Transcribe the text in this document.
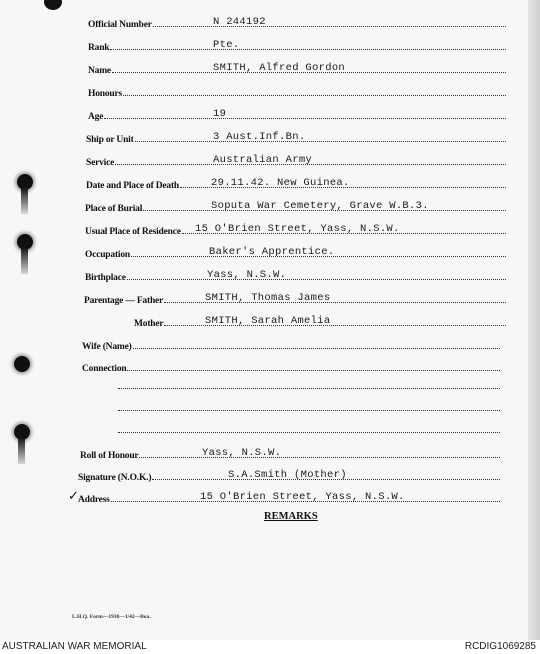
Official Number	N 244192
Rank	Pte.
Name	SMITH, Alfred Gordon
Honours
Age	19
Ship or Unit	3 Aust.Inf.Bn.
Service	Australian Army
Date and Place of Death	29.11.42. New Guinea.
Place of Burial	Soputa War Cemetery, Grave W.B.3.
Usual Place of Residence 15 O'Brien Street, Yass, N.S.W.
Occupation	Baker's Apprentice.
Birthplace	Yass, N.S.W.
Parentage — Father	SMITH, Thomas James
Mother	SMITH, Sarah Amelia
Wife (Name)
Connection
Roll of Honour	Yass, N.S.W.
Signature (N.O.K.)	S.A.Smith (Mother)
✓ Address	15 O'Brien Street, Yass, N.S.W.
REMARKS
L.H.Q. Form—1930—1/42—Boa.
AUSTRALIAN WAR MEMORIAL	RCDIG1069285
